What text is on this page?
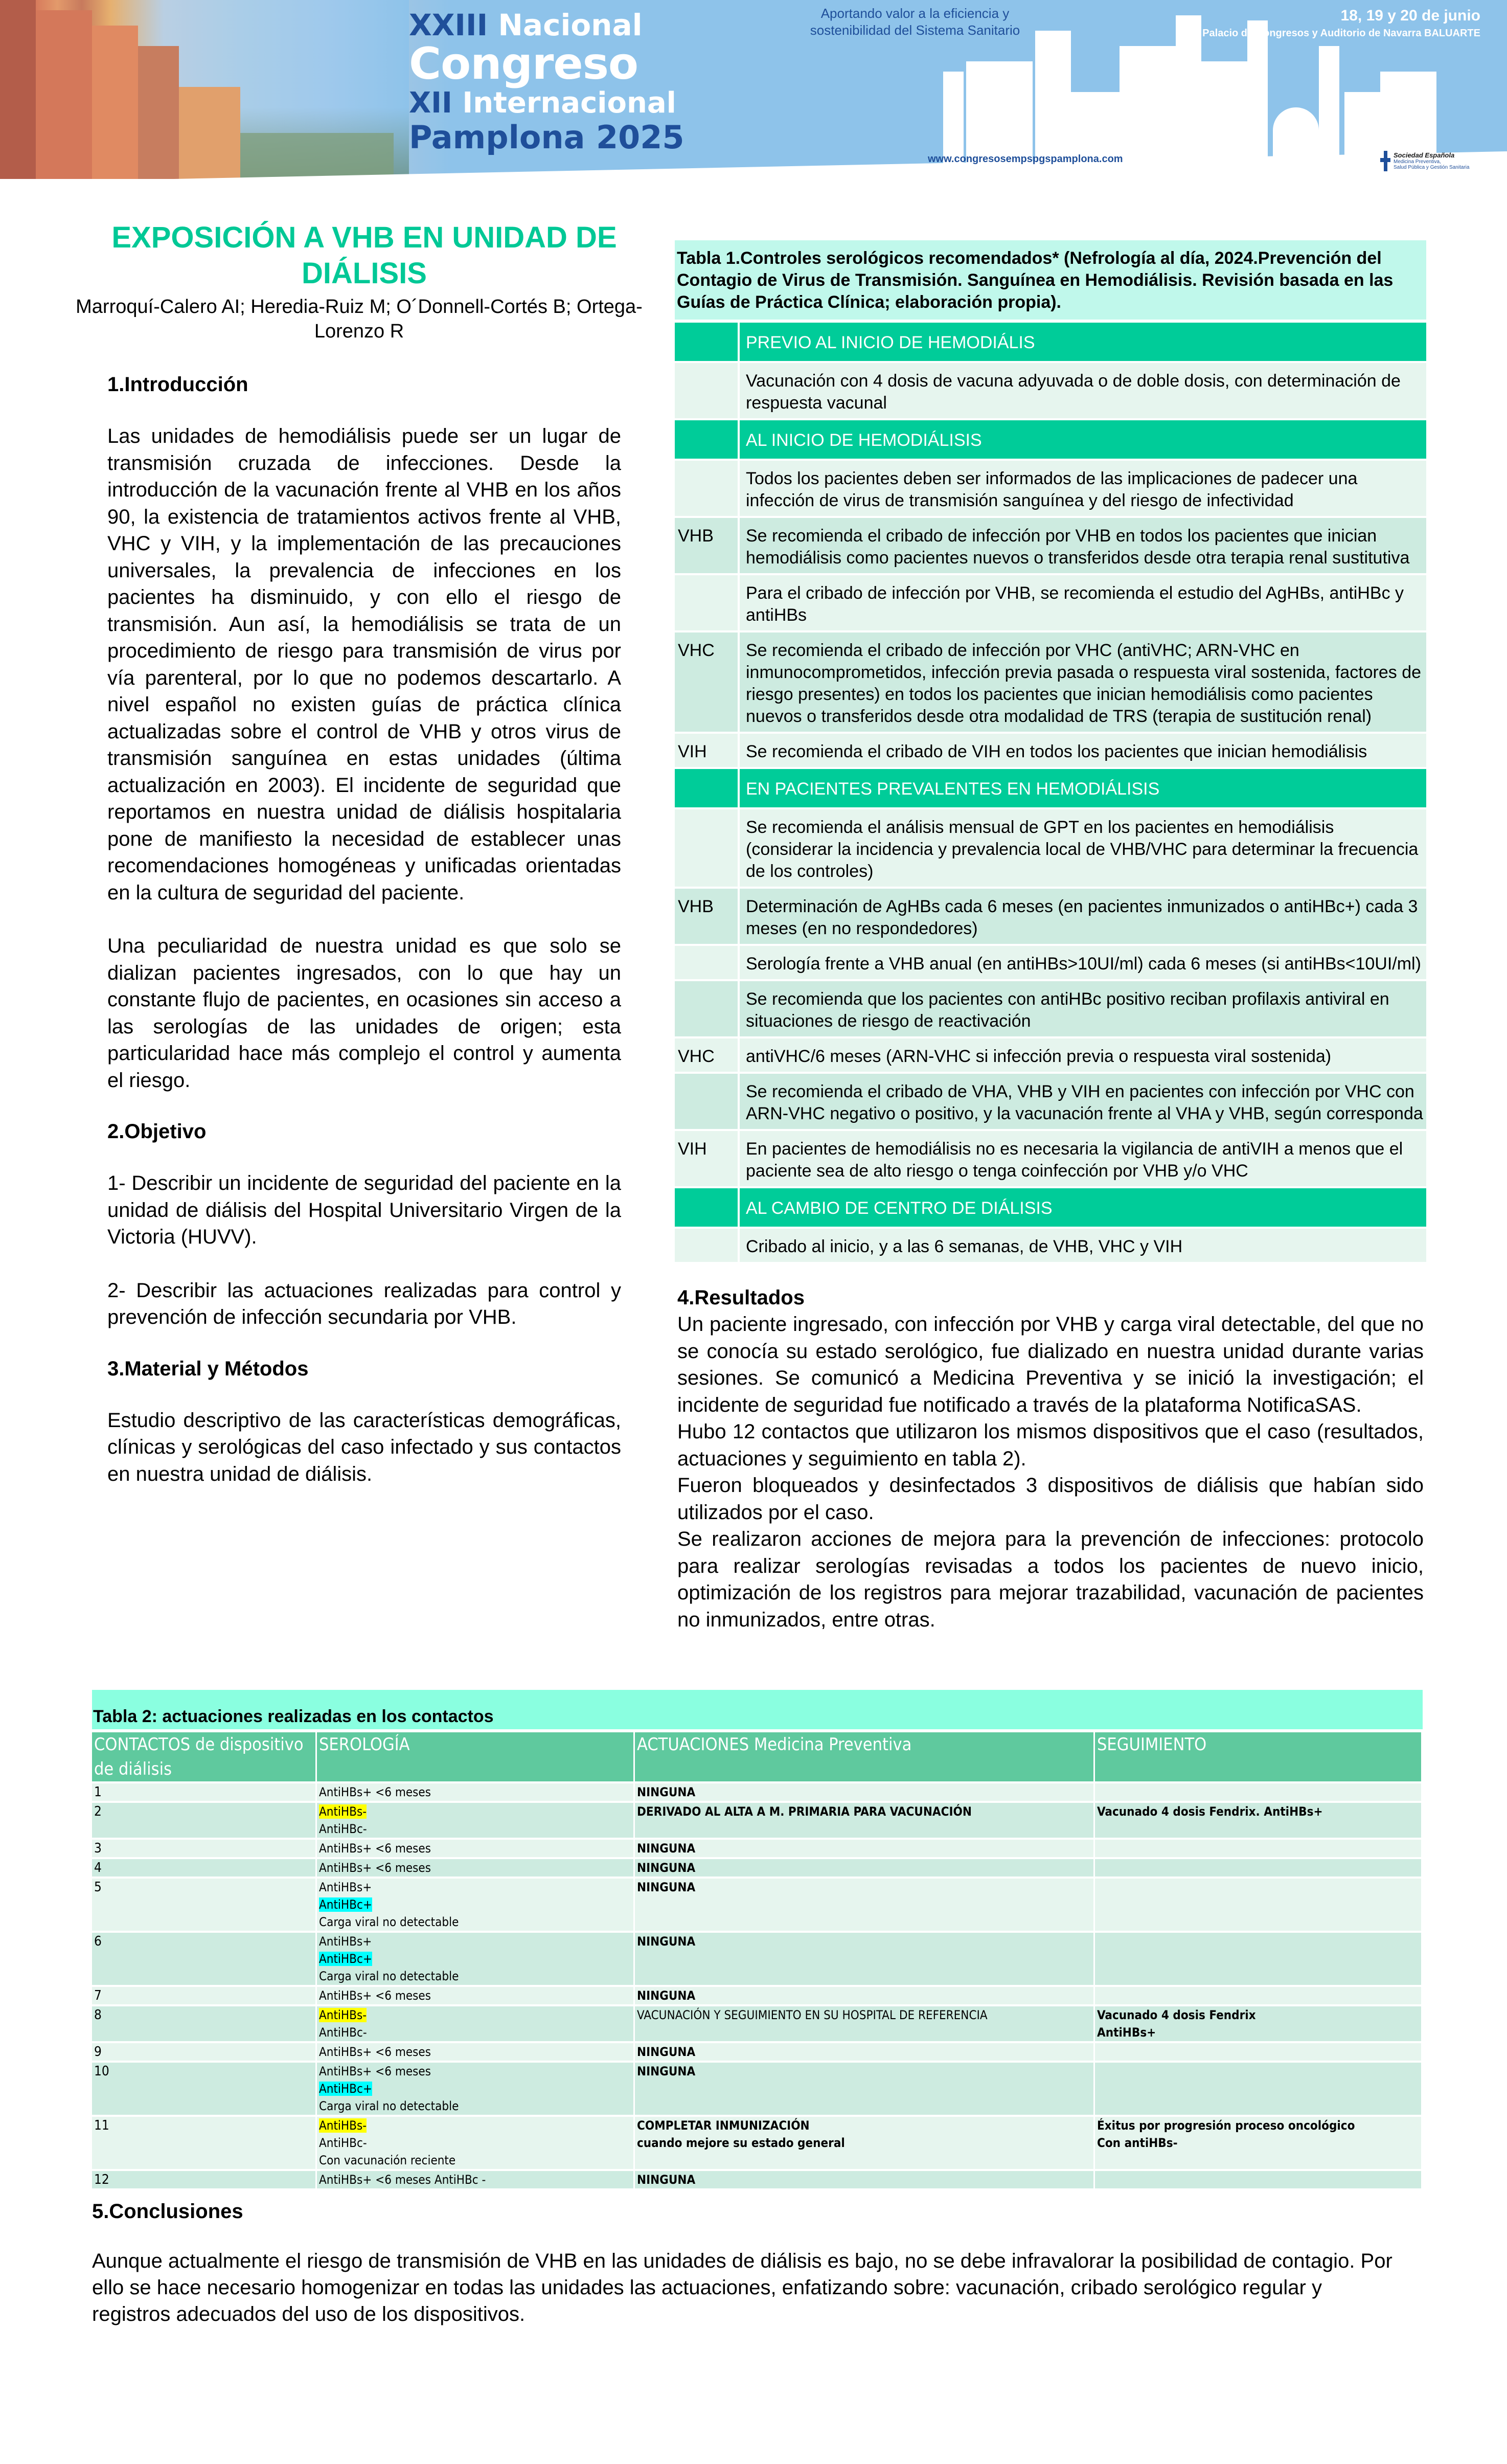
XXIII Nacional
Congreso
XII Internacional
Pamplona 2025
Aportando valor a la eficiencia y sostenibilidad del Sistema Sanitario
18, 19 y 20 de junio
Palacio de Congresos y Auditorio de Navarra BALUARTE
www.congresosempspgspamplona.com	Sociedad Española
Medicina Preventiva,
Salud Pública y Gestión Sanitaria
EXPOSICIÓN A VHB EN UNIDAD DE DIÁLISIS

Marroquí-Calero AI; Heredia-Ruiz M; O´Donnell-Cortés B; Ortega-Lorenzo R

1.Introducción

Las unidades de hemodiálisis puede ser un lugar de transmisión cruzada de infecciones. Desde la introducción de la vacunación frente al VHB en los años 90, la existencia de tratamientos activos frente al VHB, VHC y VIH, y la implementación de las precauciones universales, la prevalencia de infecciones en los pacientes ha disminuido, y con ello el riesgo de transmisión. Aun así, la hemodiálisis se trata de un procedimiento de riesgo para transmisión de virus por vía parenteral, por lo que no podemos descartarlo. A nivel español no existen guías de práctica clínica actualizadas sobre el control de VHB y otros virus de transmisión sanguínea en estas unidades (última actualización en 2003). El incidente de seguridad que reportamos en nuestra unidad de diálisis hospitalaria pone de manifiesto la necesidad de establecer unas recomendaciones homogéneas y unificadas orientadas en la cultura de seguridad del paciente.

Una peculiaridad de nuestra unidad es que solo se dializan pacientes ingresados, con lo que hay un constante flujo de pacientes, en ocasiones sin acceso a las serologías de las unidades de origen; esta particularidad hace más complejo el control y aumenta el riesgo.

2.Objetivo

1- Describir un incidente de seguridad del paciente en la unidad de diálisis del Hospital Universitario Virgen de la Victoria (HUVV).

2- Describir las actuaciones realizadas para control y prevención de infección secundaria por VHB.

3.Material y Métodos

Estudio descriptivo de las características demográficas, clínicas y serológicas del caso infectado y sus contactos en nuestra unidad de diálisis.

Tabla 1.Controles serológicos recomendados* (Nefrología al día, 2024.Prevención del Contagio de Virus de Transmisión. Sanguínea en Hemodiálisis. Revisión basada en las Guías de Práctica Clínica; elaboración propia).
	PREVIO AL INICIO DE HEMODIÁLIS
	Vacunación con 4 dosis de vacuna adyuvada o de doble dosis, con determinación de respuesta vacunal
	AL INICIO DE HEMODIÁLISIS
	Todos los pacientes deben ser informados de las implicaciones de padecer una infección de virus de transmisión sanguínea y del riesgo de infectividad
VHB	Se recomienda el cribado de infección por VHB en todos los pacientes que inician hemodiálisis como pacientes nuevos o transferidos desde otra terapia renal sustitutiva
	Para el cribado de infección por VHB, se recomienda el estudio del AgHBs, antiHBc y antiHBs
VHC	Se recomienda el cribado de infección por VHC (antiVHC; ARN-VHC en inmunocomprometidos, infección previa pasada o respuesta viral sostenida, factores de riesgo presentes) en todos los pacientes que inician hemodiálisis como pacientes nuevos o transferidos desde otra modalidad de TRS (terapia de sustitución renal)
VIH	Se recomienda el cribado de VIH en todos los pacientes que inician hemodiálisis
	EN PACIENTES PREVALENTES EN HEMODIÁLISIS
	Se recomienda el análisis mensual de GPT en los pacientes en hemodiálisis (considerar la incidencia y prevalencia local de VHB/VHC para determinar la frecuencia de los controles)
VHB	Determinación de AgHBs cada 6 meses (en pacientes inmunizados o antiHBc+) cada 3 meses (en no respondedores)
	Serología frente a VHB anual (en antiHBs>10UI/ml) cada 6 meses (si antiHBs<10UI/ml)
	Se recomienda que los pacientes con antiHBc positivo reciban profilaxis antiviral en situaciones de riesgo de reactivación
VHC	antiVHC/6 meses (ARN-VHC si infección previa o respuesta viral sostenida)
	Se recomienda el cribado de VHA, VHB y VIH en pacientes con infección por VHC con ARN-VHC negativo o positivo, y la vacunación frente al VHA y VHB, según corresponda
VIH	En pacientes de hemodiálisis no es necesaria la vigilancia de antiVIH a menos que el paciente sea de alto riesgo o tenga coinfección por VHB y/o VHC
	AL CAMBIO DE CENTRO DE DIÁLISIS
	Cribado al inicio, y a las 6 semanas, de VHB, VHC y VIH
4.Resultados

Un paciente ingresado, con infección por VHB y carga viral detectable, del que no se conocía su estado serológico, fue dializado en nuestra unidad durante varias sesiones. Se comunicó a Medicina Preventiva y se inició la investigación; el incidente de seguridad fue notificado a través de la plataforma NotificaSAS.

Hubo 12 contactos que utilizaron los mismos dispositivos que el caso (resultados, actuaciones y seguimiento en tabla 2).

Fueron bloqueados y desinfectados 3 dispositivos de diálisis que habían sido utilizados por el caso.

Se realizaron acciones de mejora para la prevención de infecciones: protocolo para realizar serologías revisadas a todos los pacientes de nuevo inicio, optimización de los registros para mejorar trazabilidad, vacunación de pacientes no inmunizados, entre otras.

Tabla 2: actuaciones realizadas en los contactos
CONTACTOS de dispositivo de diálisis	SEROLOGÍA	ACTUACIONES Medicina Preventiva	SEGUIMIENTO
1	AntiHBs+ <6 meses	NINGUNA	

2	AntiHBs-
AntiHBc-	DERIVADO AL ALTA A M. PRIMARIA PARA VACUNACIÓN	Vacunado 4 dosis Fendrix. AntiHBs+

3	AntiHBs+ <6 meses	NINGUNA	

4	AntiHBs+ <6 meses	NINGUNA	

5	AntiHBs+
AntiHBc+
Carga viral no detectable	NINGUNA	

6	AntiHBs+
AntiHBc+
Carga viral no detectable	NINGUNA	

7	AntiHBs+ <6 meses	NINGUNA	

8	AntiHBs-
AntiHBc-	VACUNACIÓN Y SEGUIMIENTO EN SU HOSPITAL DE REFERENCIA	Vacunado 4 dosis Fendrix
AntiHBs+

9	AntiHBs+ <6 meses	NINGUNA	

10	AntiHBs+ <6 meses
AntiHBc+
Carga viral no detectable	NINGUNA	

11	AntiHBs-
AntiHBc-
Con vacunación reciente	COMPLETAR INMUNIZACIÓN
cuando mejore su estado general	Éxitus por progresión proceso oncológico
Con antiHBs-

12	AntiHBs+ <6 meses AntiHBc -	NINGUNA	

5.Conclusiones

Aunque actualmente el riesgo de transmisión de VHB en las unidades de diálisis es bajo, no se debe infravalorar la posibilidad de contagio. Por ello se hace necesario homogenizar en todas las unidades las actuaciones, enfatizando sobre: vacunación, cribado serológico regular y registros adecuados del uso de los dispositivos.
